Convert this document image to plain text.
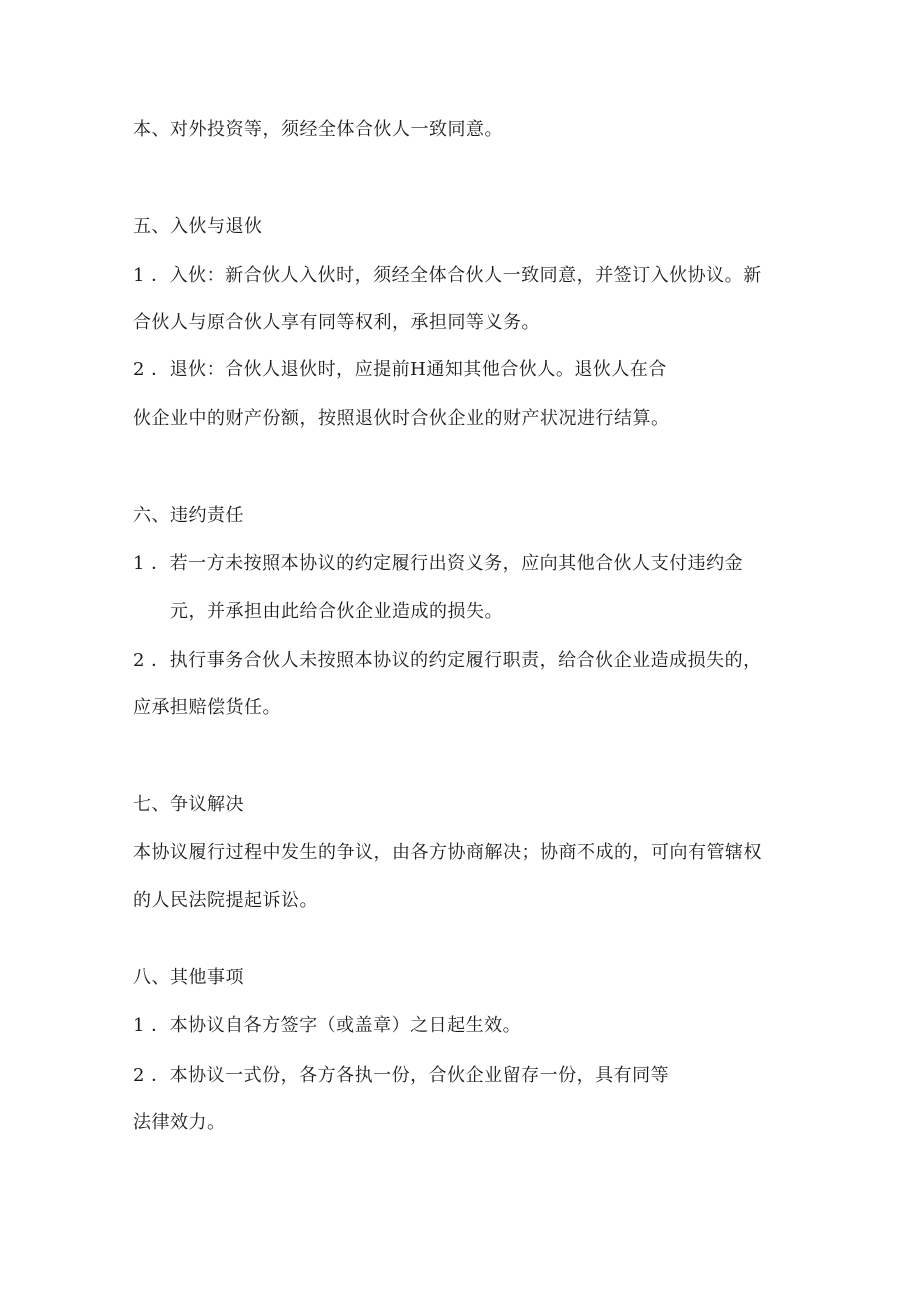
本、对外投资等，须经全体合伙人一致同意。
五、入伙与退伙
1 ．入伙：新合伙人入伙时，须经全体合伙人一致同意，并签订入伙协议。新
合伙人与原合伙人享有同等权利，承担同等义务。
2 ．退伙：合伙人退伙时，应提前H通知其他合伙人。退伙人在合
伙企业中的财产份额，按照退伙时合伙企业的财产状况进行结算。
六、违约责任
1 ．若一方未按照本协议的约定履行出资义务，应向其他合伙人支付违约金
元，并承担由此给合伙企业造成的损失。
2 ．执行事务合伙人未按照本协议的约定履行职责，给合伙企业造成损失的，
应承担赔偿货任。
七、争议解决
本协议履行过程中发生的争议，由各方协商解决；协商不成的，可向有管辖权
的人民法院提起诉讼。
八、其他事项
1 ．本协议自各方签字（或盖章）之日起生效。
2 ．本协议一式份，各方各执一份，合伙企业留存一份，具有同等
法律效力。
